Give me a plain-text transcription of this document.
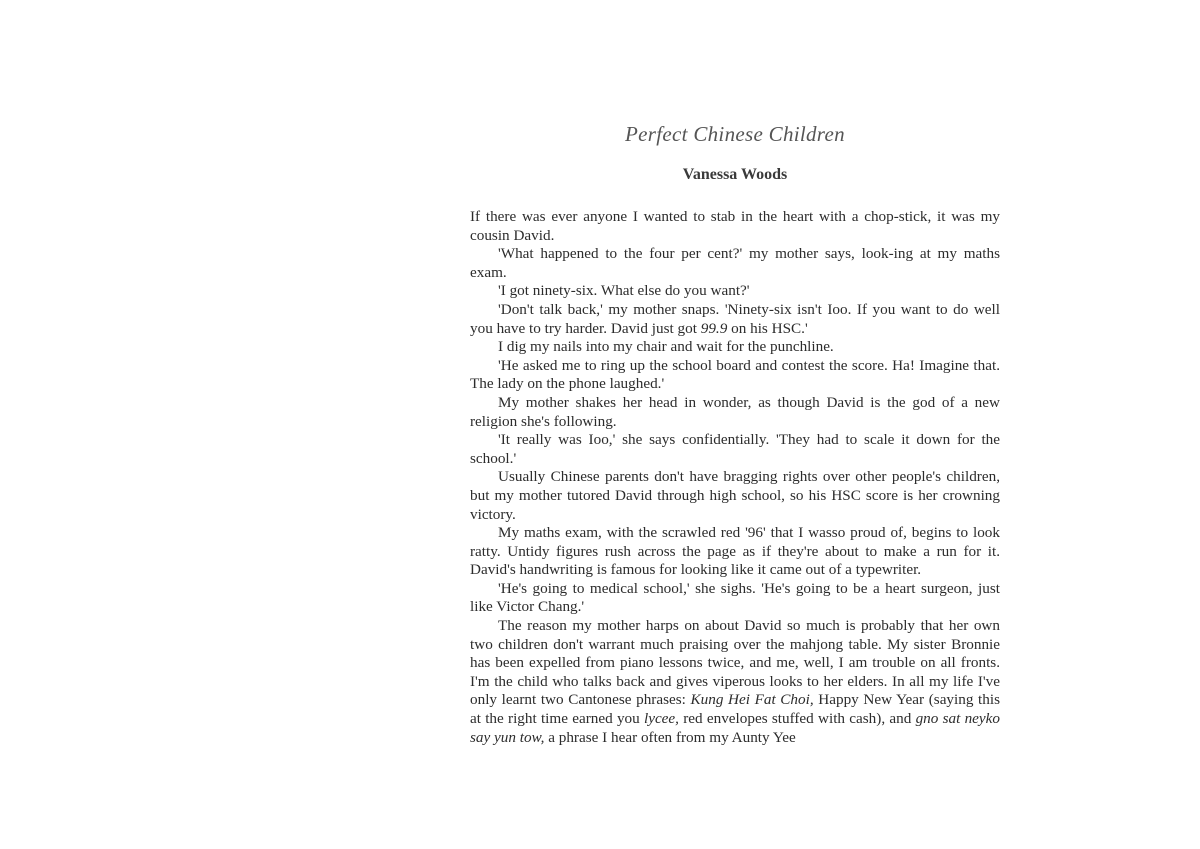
Perfect Chinese Children
Vanessa Woods

If there was ever anyone I wanted to stab in the heart with a chop-stick, it was my cousin David.

'What happened to the four per cent?' my mother says, look-ing at my maths exam.

'I got ninety-six. What else do you want?'

'Don't talk back,' my mother snaps. 'Ninety-six isn't Ioo. If you want to do well you have to try harder. David just got 99.9 on his HSC.'

I dig my nails into my chair and wait for the punchline.

'He asked me to ring up the school board and contest the score. Ha! Imagine that. The lady on the phone laughed.'

My mother shakes her head in wonder, as though David is the god of a new religion she's following.

'It really was Ioo,' she says confidentially. 'They had to scale it down for the school.'

Usually Chinese parents don't have bragging rights over other people's children, but my mother tutored David through high school, so his HSC score is her crowning victory.

My maths exam, with the scrawled red '96' that I wasso proud of, begins to look ratty. Untidy figures rush across the page as if they're about to make a run for it. David's handwriting is famous for looking like it came out of a typewriter.

'He's going to medical school,' she sighs. 'He's going to be a heart surgeon, just like Victor Chang.'

The reason my mother harps on about David so much is probably that her own two children don't warrant much praising over the mahjong table. My sister Bronnie has been expelled from piano lessons twice, and me, well, I am trouble on all fronts. I'm the child who talks back and gives viperous looks to her elders. In all my life I've only learnt two Cantonese phrases: Kung Hei Fat Choi, Happy New Year (saying this at the right time earned you lycee, red envelopes stuffed with cash), and gno sat neyko say yun tow, a phrase I hear often from my Aunty Yee
